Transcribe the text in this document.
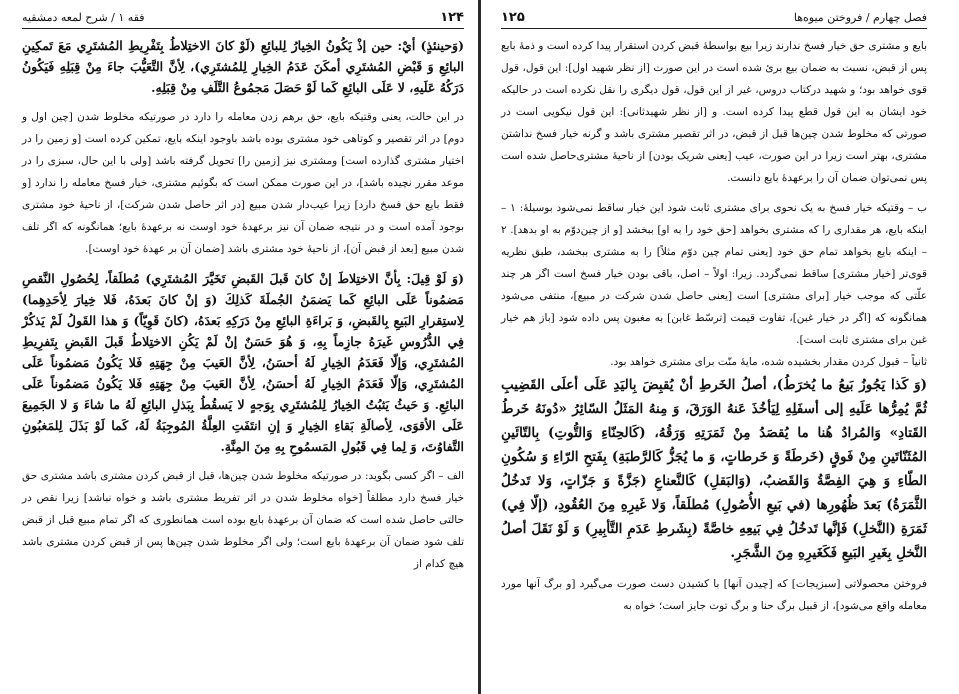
۱۲۴
فقه ۱ / شرح لمعه دمشقیه

(وَحينئذٍ) أيْ: حين إذْ يَكُونُ الخِيارُ لِلبائِعِ (لَوْ كانَ الاختِلاطُ بِتَفْرِيطِ المُشتَرِي مَعَ تَمكِينِ البائِعِ وَ قَبْضِ المُشتَرِي أمكَنَ عَدَمُ الخِيارِ لِلمُشتَرِي)، لِأنَّ التَّعَيُّبَ جاءَ مِنْ قِبَلِهِ فَيَكُونُ دَرَكُهُ عَلَيهِ، لا عَلَى البائِعِ كَما لَوْ حَصَلَ مَجمُوعُ التَّلَفِ مِنْ قِبَلِهِ.

در این حالت، یعنی وقتیکه بایع، حق برهم زدن معامله را دارد در صورتیکه مخلوط شدن [چین اول و دوم] در اثر تقصیر و کوتاهی خود مشتری بوده باشد باوجود اینکه بایع، تمکین کرده است [و زمین را در اختیار مشتری گذارده است] ومشتری نیز [زمین را] تحویل گرفته باشد [ولی با این حال، سبزی را در موعد مقرر نچیده باشد]، در این صورت ممکن است که بگوئیم مشتری، خیار فسخ معامله را ندارد [و فقط بایع حق فسخ دارد] زیرا عیب‌دار شدن مبیع [در اثر حاصل شدن شرکت]، از ناحیهٔ خود مشتری بوجود آمده است و در نتیجه ضمان آن نیز برعهدهٔ خود اوست نه برعهدهٔ بایع؛ همانگونه که اگر تلف شدن مبیع [بعد از قبض آن]، از ناحیهٔ خود مشتری باشد [ضمان آن بر عهدهٔ خود اوست].

(وَ لَوْ قِيلَ: بِأنَّ الاختِلاطَ إنْ كانَ قَبلَ القَبضِ تَخَيَّرَ المُشتَرِي) مُطلَقاً، لِحُصُولِ النَّقصِ مَضمُوناً عَلَى البائِعِ كَما يَضمَنُ الجُملَةَ كَذلِكَ (وَ إنْ كانَ بَعدَهُ، فَلا خِيارَ لِأحَدِهِما) لِاستِقرارِ البَيعِ بِالقَبضِ، وَ بَراءَةِ البائِعِ مِنْ دَرَكِهِ بَعدَهُ، (كانَ قَوِيّاً) وَ هذا القَولُ لَمْ يَذكُرْ فِي الدُّرُوسِ غَيرَهُ جازِماً بِهِ، وَ هُوَ حَسَنٌ إنْ لَمْ يَكُنِ الاختِلاطُ قَبلَ القَبضِ بِتَفرِيطِ المُشتَرِي، وَإلّا فَعَدَمُ الخِيارِ لَهُ أحسَنُ، لِأنَّ العَيبَ مِنْ جِهَتِهِ فَلا يَكُونُ مَضمُوناً عَلَى المُشتَرِي، وَإلّا فَعَدَمُ الخِيارِ لَهُ أحسَنُ، لِأنَّ العَيبَ مِنْ جِهَتِهِ فَلا يَكُونُ مَضمُوناً عَلَى البائِعِ. وَ حَيثُ يَثبُتُ الخِيارُ لِلمُشتَرِي بِوَجهٍ لا يَسقُطُ بِبَذلِ البائِعِ لَهُ ما شاءَ وَ لا الجَمِيعَ عَلَى الأقوَى، لِأصالَةِ بَقاءِ الخِيارِ وَ إنِ انتَفَتِ العِلَّةُ المُوجِبَةُ لَهُ، كَما لَوْ بَذَلَ لِلمَغبُونِ التَّفاوُتَ، وَ لِما فِي قَبُولِ المَسمُوحِ بِهِ مِنَ المِنَّةِ.

الف – اگر کسی بگوید: در صورتیکه مخلوط شدن چین‌ها، قبل از قبض کردن مشتری باشد مشتری حق خیار فسخ دارد مطلقاً [خواه مخلوط شدن در اثر تفریط مشتری باشد و خواه نباشد] زیرا نقص در حالتی حاصل شده است که ضمان آن برعهدهٔ بایع بوده است همانطوری که اگر تمام مبیع قبل از قبض تلف شود ضمان آن برعهدهٔ بایع است؛ ولی اگر مخلوط شدن چین‌ها پس از قبض کردن مشتری باشد هیچ کدام از

فصل چهارم / فروختن میوه‌ها
۱۲۵

بایع و مشتری حق خیار فسخ ندارند زیرا بیع بواسطهٔ قبض کردن استقرار پیدا کرده است و ذمهٔ بایع پس از قبض، نسبت به ضمان بیع بریٔ شده است در این صورت [از نظر شهید اول]: این قول، قول قوی خواهد بود؛ و شهید درکتاب دروس، غیر از این قول، قول دیگری را نقل نکرده است در حالیکه خود ایشان به این قول قطع پیدا کرده است. و [از نظر شهیدثانی]: این قول نیکویی است در صورتی که مخلوط شدن چین‌ها قبل از قبض، در اثر تقصیر مشتری‌ باشد و گرنه خیار فسخ نداشتن مشتری، بهتر است زیرا در این صورت، عیب [یعنی شریک بودن] از ناحیهٔ مشتری‌حاصل شده است پس نمی‌توان ضمان آن را برعهدهٔ بایع دانست.

ب – وقتیکه خیار فسخ به یک نحوی برای مشتری ثابت شود این خیار ساقط نمی‌شود بوسیلهٔ: ۱ – اینکه بایع، هر مقداری را که مشتری بخواهد [حق خود را به او] ببخشد [و از چین‌دوّم به او بدهد]. ۲ – اینکه بایع بخواهد تمام حق خود [یعنی تمام چین دوّم مثلاً] را به مشتری ببخشد، طبق نظریه قوی‌تر [خیار مشتری] ساقط نمی‌گردد. زیرا: اولاً – اصل، باقی بودن خیار فسخ است اگر هر چند علّتی که موجب خیار [برای مشتری] است [یعنی حاصل شدن شرکت در مبیع]، منتفی می‌شود همانگونه که [اگر در خیار غبن]، تفاوت قیمت [ترسّط غابن] به مغبون پس داده شود [باز هم خیار غبن برای مشتری ثابت است].

ثانیاً – قبول کردن مقدار بخشیده شده، مایهٔ منّت برای مشتری خواهد بود.

(وَ كَذا يَجُوزُ بَيعُ ما يُخرَطُ)، أصلُ الخَرطِ أنْ يُقبِضَ بِاليَدِ عَلَى أعلَى القَضِيبِ ثُمَّ يُمِرُّها عَلَيهِ إلى أسفَلِهِ لِيَأخُذَ عَنهُ الوَرَقَ، وَ مِنهُ المَثَلُ السّائِرُ «دُونَهُ خَرطُ القَتادِ» وَالمُرادُ هُنا ما يُقصَدُ مِنْ ثَمَرَتِهِ وَرَقُهُ، (كَالحِنّاءِ وَالتُّوتِ) بِالتّائَينِ المُثَنّاتَينِ مِنْ فَوقٍ (خَرطَةً وَ خَرطاتٍ، وَ ما يُجَزُّ كَالرَّطبَةِ) بِفَتحِ الرّاءِ وَ سُكُونِ الطّاءِ وَ هِيَ الفِصَّةُ وَالقَضبُ، (وَالبَقلِ) كَالنَّعناعِ (جَزَّةً وَ جَزّاتٍ، وَلا تَدخُلُ الثَّمَرَةُ) بَعدَ ظُهُورِها (في بَيعِ الأُصُولِ) مُطلَقاً، وَلا غَيرِهِ مِنَ العُقُودِ، (إلّا فِي) ثَمَرَةِ (النَّخلِ) فَإنَّها تَدخُلُ فِي بَيعِهِ خاصَّةً (بِشَرطِ عَدَمِ التَّأبِيرِ) وَ لَوْ نَقَلَ أصلُ النَّخلِ بِغَيرِ البَيعِ فَكَغَيرِهِ مِنَ الشَّجَرِ.

فروختن محصولاتی [سبزیجات] که [چیدن آنها] با کشیدن دست صورت می‌گیرد [و برگ آنها مورد معامله واقع می‌شود]، از قبیل برگ حنا و برگ توت جایز است؛ خواه به
